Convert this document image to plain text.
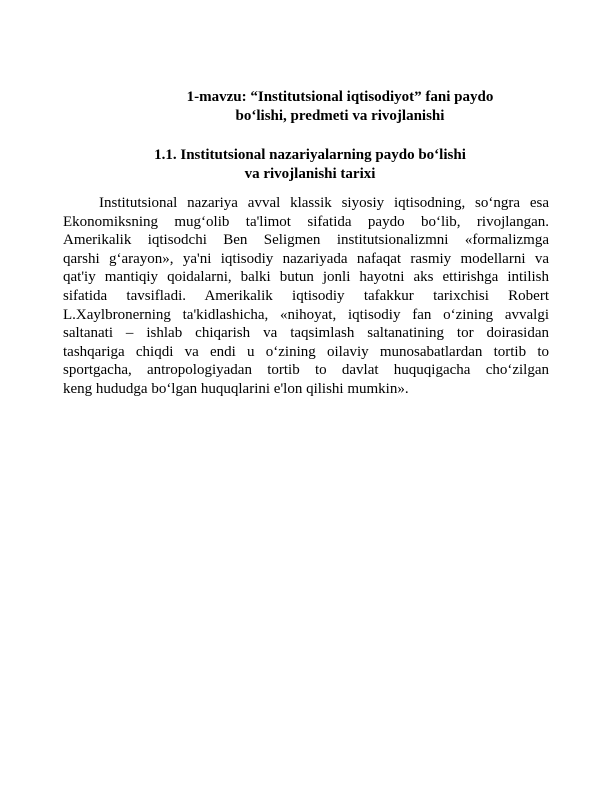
1-mavzu: “Institutsional iqtisodiyot” fani paydo
bo‘lishi, predmeti va rivojlanishi
1.1. Institutsional nazariyalarning paydo bo‘lishi
va rivojlanishi tarixi
Institutsional nazariya avval klassik siyosiy iqtisodning, so‘ngra esa
Ekonomiksning mug‘olib ta'limot sifatida paydo bo‘lib, rivojlangan.
Amerikalik iqtisodchi Ben Seligmen institutsionalizmni «formalizmga
qarshi g‘arayon», ya'ni iqtisodiy nazariyada nafaqat rasmiy modellarni va
qat'iy mantiqiy qoidalarni, balki butun jonli hayotni aks ettirishga intilish
sifatida tavsifladi. Amerikalik iqtisodiy tafakkur tarixchisi Robert
L.Xaylbronerning ta'kidlashicha, «nihoyat, iqtisodiy fan o‘zining avvalgi
saltanati – ishlab chiqarish va taqsimlash saltanatining tor doirasidan
tashqariga chiqdi va endi u o‘zining oilaviy munosabatlardan tortib to
sportgacha, antropologiyadan tortib to davlat huquqigacha cho‘zilgan
keng hududga bo‘lgan huquqlarini e'lon qilishi mumkin».
